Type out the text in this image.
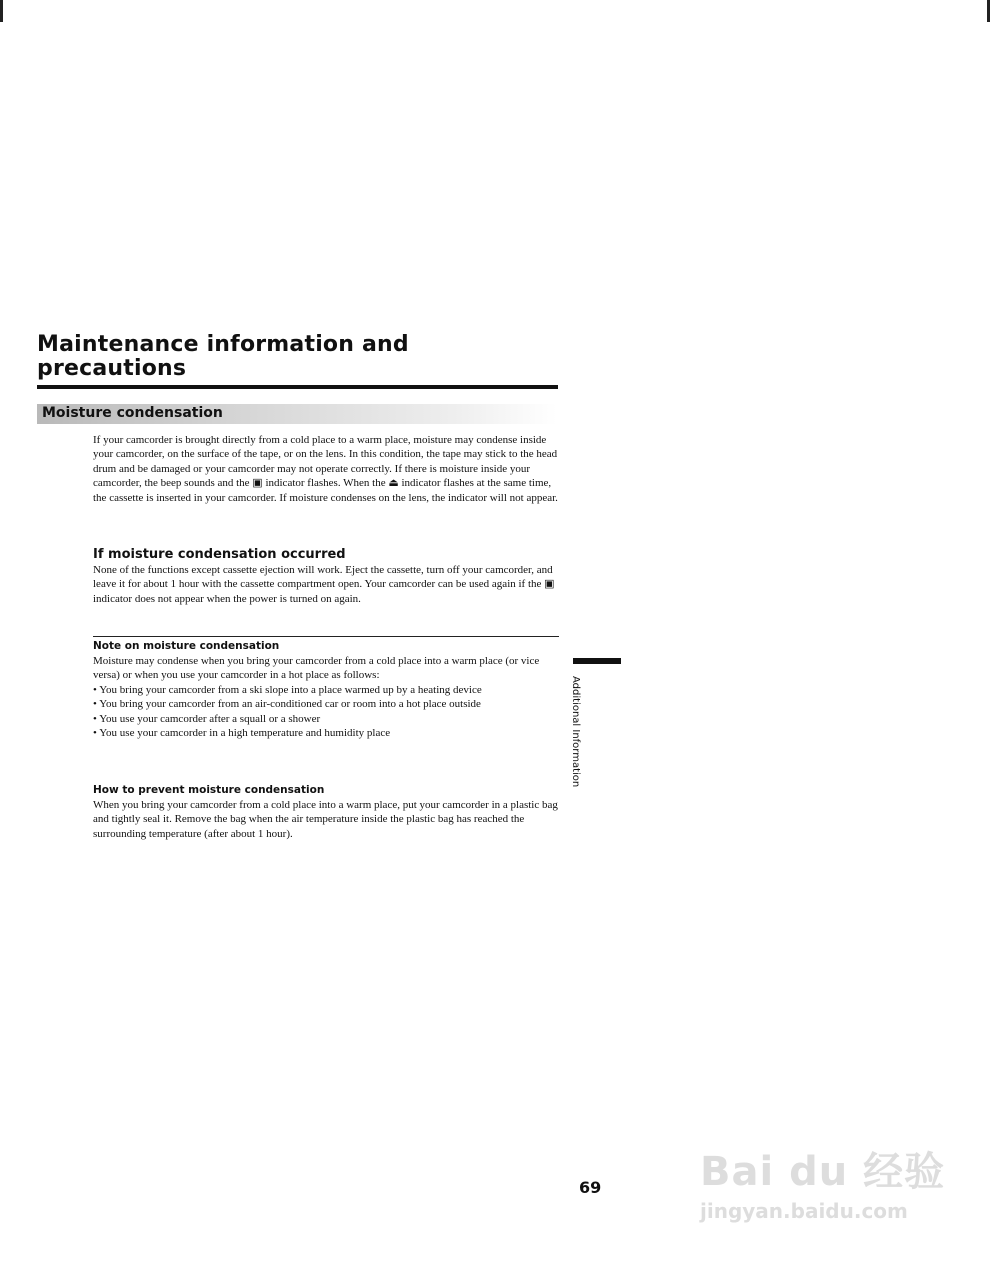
Maintenance information and
precautions
Moisture condensation
If your camcorder is brought directly from a cold place to a warm place, moisture may condense inside your camcorder, on the surface of the tape, or on the lens. In this condition, the tape may stick to the head drum and be damaged or your camcorder may not operate correctly. If there is moisture inside your camcorder, the beep sounds and the ▣ indicator flashes. When the ⏏ indicator flashes at the same time, the cassette is inserted in your camcorder. If moisture condenses on the lens, the indicator will not appear.
If moisture condensation occurred
None of the functions except cassette ejection will work. Eject the cassette, turn off your camcorder, and leave it for about 1 hour with the cassette compartment open. Your camcorder can be used again if the ▣ indicator does not appear when the power is turned on again.
Note on moisture condensation
Moisture may condense when you bring your camcorder from a cold place into a warm place (or vice versa) or when you use your camcorder in a hot place as follows:
• You bring your camcorder from a ski slope into a place warmed up by a heating device
• You bring your camcorder from an air-conditioned car or room into a hot place outside
• You use your camcorder after a squall or a shower
• You use your camcorder in a high temperature and humidity place
How to prevent moisture condensation
When you bring your camcorder from a cold place into a warm place, put your camcorder in a plastic bag and tightly seal it. Remove the bag when the air temperature inside the plastic bag has reached the surrounding temperature (after about 1 hour).
Additional Information
69 Bai du 经验
jingyan.baidu.com
